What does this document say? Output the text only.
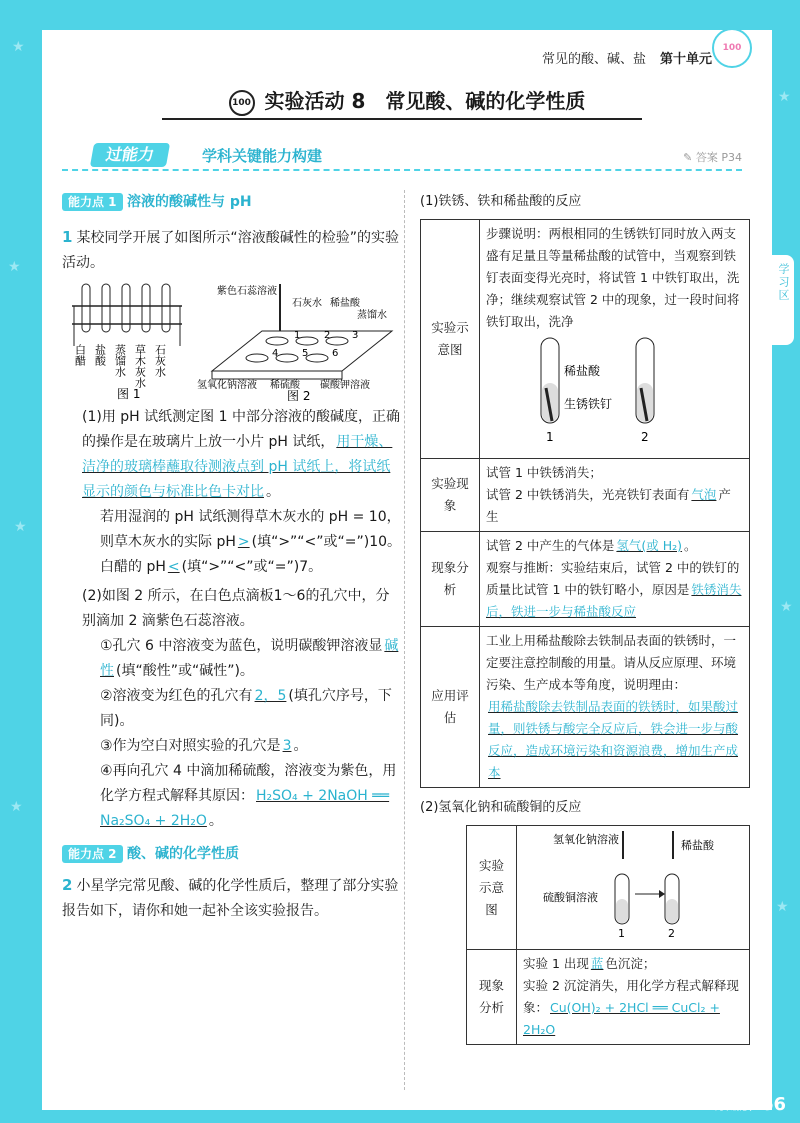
★
★
★
★
★
★
★
学习区
常见的酸、碱、盐 第十单元
100
100 实验活动 8　常见酸、碱的化学性质
过能力	学科关键能力构建	✎ 答案 P34

能力点 1 溶液的酸碱性与 pH

1 某校同学开展了如图所示“溶液酸碱性的检验”的实验活动。

白醋 盐酸 蒸馏水 草木灰水 石灰水
图 1
1 2 3
4 5 6
紫色石蕊溶液
石灰水 稀盐酸
蒸馏水
氢氧化钠溶液 稀硫酸 碳酸钾溶液
图 2

(1)用 pH 试纸测定图 1 中部分溶液的酸碱度，正确的操作是在玻璃片上放一小片 pH 试纸， 用干燥、洁净的玻璃棒蘸取待测液点到 pH 试纸上，将试纸显示的颜色与标准比色卡对比 。

若用湿润的 pH 试纸测得草木灰水的 pH = 10，则草木灰水的实际 pH > (填“>”“<”或“=”)10。白醋的 pH < (填“>”“<”或“=”)7。

(2)如图 2 所示，在白色点滴板1～6的孔穴中，分别滴加 2 滴紫色石蕊溶液。

①孔穴 6 中溶液变为蓝色，说明碳酸钾溶液显 碱性 (填“酸性”或“碱性”)。

②溶液变为红色的孔穴有 2，5 (填孔穴序号，下同)。

③作为空白对照实验的孔穴是 3 。

④再向孔穴 4 中滴加稀硫酸，溶液变为紫色，用化学方程式解释其原因： H₂SO₄ + 2NaOH ══ Na₂SO₄ + 2H₂O 。

能力点 2 酸、碱的化学性质

2 小星学完常见酸、碱的化学性质后，整理了部分实验报告如下，请你和她一起补全该实验报告。

(1)铁锈、铁和稀盐酸的反应

实验示意图	步骤说明：两根相同的生锈铁钉同时放入两支盛有足量且等量稀盐酸的试管中，当观察到铁钉表面变得光亮时，将试管 1 中铁钉取出，洗净；继续观察试管 2 中的现象，过一段时间将铁钉取出，洗净
稀盐酸
生锈铁钉
1 2

实验现象	试管 1 中铁锈消失；
试管 2 中铁锈消失，光亮铁钉表面有 气泡 产生

现象分析	试管 2 中产生的气体是 氢气(或 H₂) 。
观察与推断：实验结束后，试管 2 中的铁钉的质量比试管 1 中的铁钉略小，原因是 铁锈消失后，铁进一步与稀盐酸反应

应用评估	工业上用稀盐酸除去铁制品表面的铁锈时，一定要注意控制酸的用量。请从反应原理、环境污染、生产成本等角度，说明理由：
用稀盐酸除去铁制品表面的铁锈时，如果酸过量，则铁锈与酸完全反应后，铁会进一步与酸反应，造成环境污染和资源浪费，增加生产成本

(2)氢氧化钠和硫酸铜的反应

实验示意图	氢氧化钠溶液 稀盐酸
硫酸铜溶液
1 2

现象分析	实验 1 出现 蓝 色沉淀；
实验 2 沉淀消失，用化学方程式解释现象： Cu(OH)₂ + 2HCl ══ CuCl₂ + 2H₂O
九年级化学 66
